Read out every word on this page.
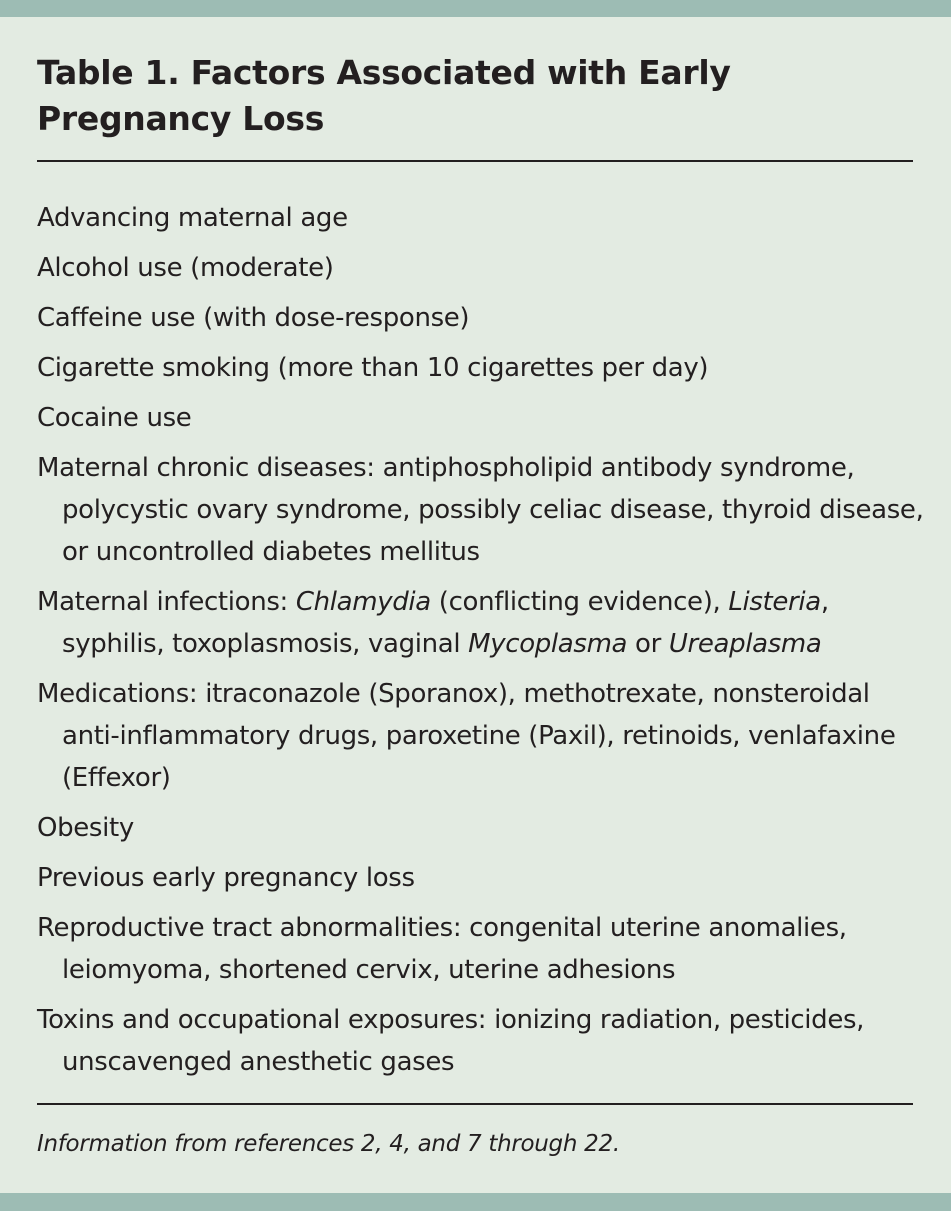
Table 1. Factors Associated with Early Pregnancy Loss
Advancing maternal age
Alcohol use (moderate)
Caffeine use (with dose-response)
Cigarette smoking (more than 10 cigarettes per day)
Cocaine use
Maternal chronic diseases: antiphospholipid antibody syndrome, polycystic ovary syndrome, possibly celiac disease, thyroid disease, or uncontrolled diabetes mellitus
Maternal infections: Chlamydia (conflicting evidence), Listeria, syphilis, toxoplasmosis, vaginal Mycoplasma or Ureaplasma
Medications: itraconazole (Sporanox), methotrexate, nonsteroidal anti-inflammatory drugs, paroxetine (Paxil), retinoids, venlafaxine (Effexor)
Obesity
Previous early pregnancy loss
Reproductive tract abnormalities: congenital uterine anomalies, leiomyoma, shortened cervix, uterine adhesions
Toxins and occupational exposures: ionizing radiation, pesticides, unscavenged anesthetic gases

Information from references 2, 4, and 7 through 22.
